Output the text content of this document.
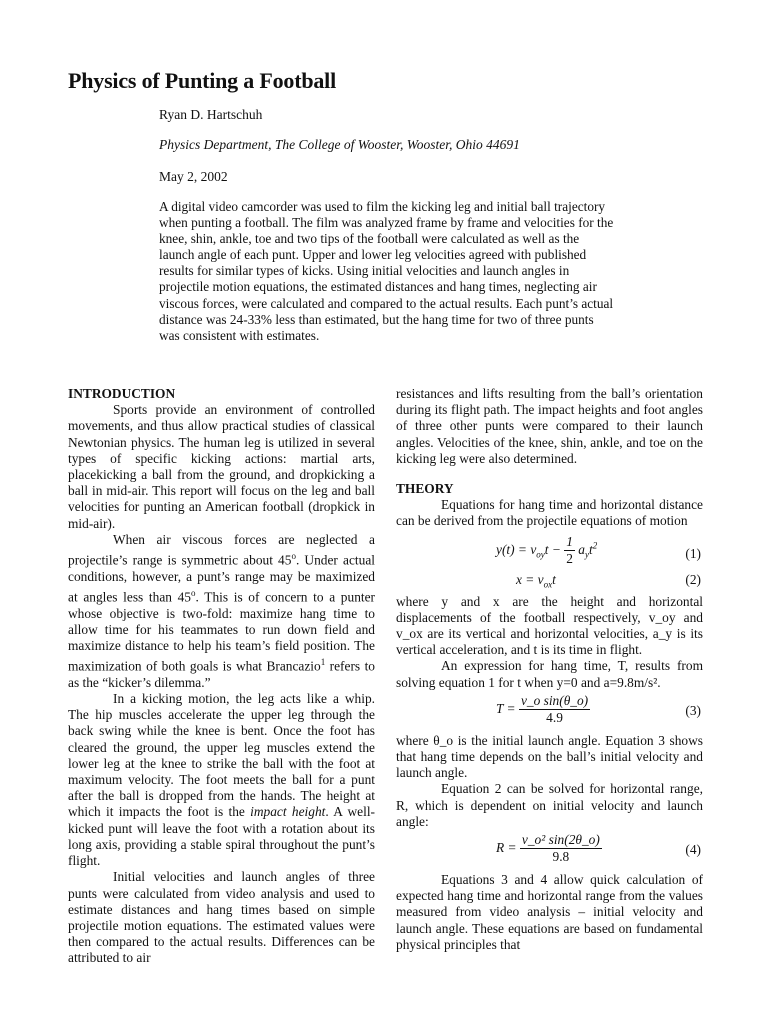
Physics of Punting a Football
Ryan D. Hartschuh
Physics Department, The College of Wooster, Wooster, Ohio 44691
May 2, 2002

A digital video camcorder was used to film the kicking leg and initial ball trajectory when punting a football. The film was analyzed frame by frame and velocities for the knee, shin, ankle, toe and two tips of the football were calculated as well as the launch angle of each punt. Upper and lower leg velocities agreed with published results for similar types of kicks. Using initial velocities and launch angles in projectile motion equations, the estimated distances and hang times, neglecting air viscous forces, were calculated and compared to the actual results. Each punt’s actual distance was 24-33% less than estimated, but the hang time for two of three punts was consistent with estimates.

INTRODUCTION

Sports provide an environment of controlled movements, and thus allow practical studies of classical Newtonian physics. The human leg is utilized in several types of specific kicking actions: martial arts, placekicking a ball from the ground, and dropkicking a ball in mid-air. This report will focus on the leg and ball velocities for punting an American football (dropkick in mid-air).

When air viscous forces are neglected a projectile’s range is symmetric about 45$^o$. Under actual conditions, however, a punt’s range may be maximized at angles less than 45$^o$. This is of concern to a punter whose objective is two-fold: maximize hang time to allow time for his teammates to run down field and maximize distance to help his team’s field position. The maximization of both goals is what Brancazio$^1$ refers to as the “kicker’s dilemma.”

In a kicking motion, the leg acts like a whip. The hip muscles accelerate the upper leg through the back swing while the knee is bent. Once the foot has cleared the ground, the upper leg muscles extend the lower leg at the knee to strike the ball with the foot at maximum velocity. The foot meets the ball for a punt after the ball is dropped from the hands. The height at which it impacts the foot is the impact height. A well-kicked punt will leave the foot with a rotation about its long axis, providing a stable spiral throughout the punt’s flight.

Initial velocities and launch angles of three punts were calculated from video analysis and used to estimate distances and hang times based on simple projectile motion equations. The estimated values were then compared to the actual results. Differences can be attributed to air

resistances and lifts resulting from the ball’s orientation during its flight path. The impact heights and foot angles of three other punts were compared to their launch angles. Velocities of the knee, shin, ankle, and toe on the kicking leg were also determined.

THEORY

Equations for hang time and horizontal distance can be derived from the projectile equations of motion

$y(t) = v_{oy}t - \frac{1}{2} a_yt^2$
(1)
$x = v_{ox}t$	(2)

where y and x are the height and horizontal displacements of the football respectively, v_oy and v_ox are its vertical and horizontal velocities, a_y is its vertical acceleration, and t is its time in flight.

An expression for hang time, T, results from solving equation 1 for t when y=0 and a=9.8m/s².

$T = \frac{\text{v\_o sin(θ\_o)}}{4.9}$	(3)

where θ_o is the initial launch angle. Equation 3 shows that hang time depends on the ball’s initial velocity and launch angle.

Equation 2 can be solved for horizontal range, R, which is dependent on initial velocity and launch angle:

$R = \frac{\text{v\_o² sin(2θ\_o)}}{9.8}$	(4)

Equations 3 and 4 allow quick calculation of expected hang time and horizontal range from the values measured from video analysis – initial velocity and launch angle. These equations are based on fundamental physical principles that
